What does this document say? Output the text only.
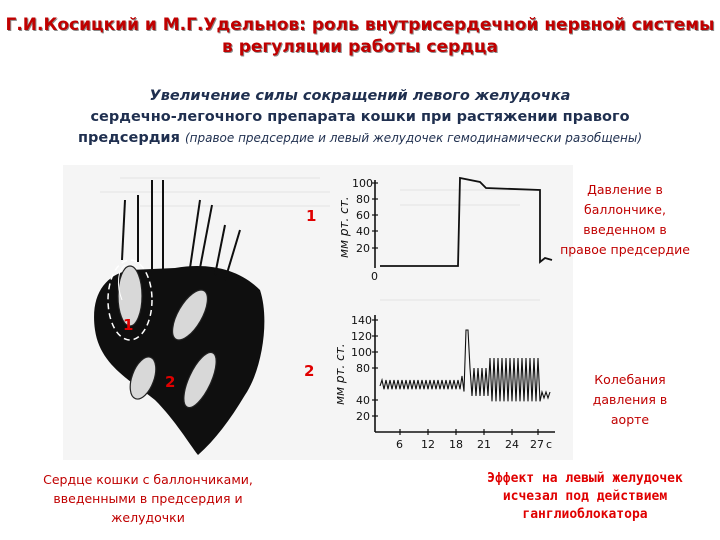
Г.И.Косицкий и М.Г.Удельнов: роль внутрисердечной нервной системы
в регуляции работы сердца
Увеличение силы сокращений левого желудочка
сердечно-легочного препарата кошки при растяжении правого
предсердия (правое предсердие и левый желудочек гемодинамически разобщены)
мм рт. ст.
100
80
60
40
20
0
мм рт. ст.
140
120
100
80
40
20
6 12 18 21 24 27 с
1
2
1
2
Давление в баллончике, введенном в правое предсердие
Колебания давления в аорте
Сердце кошки с баллончиками, введенными в предсердия и желудочки
Эффект на левый желудочек исчезал под действием ганглиоблокатора
